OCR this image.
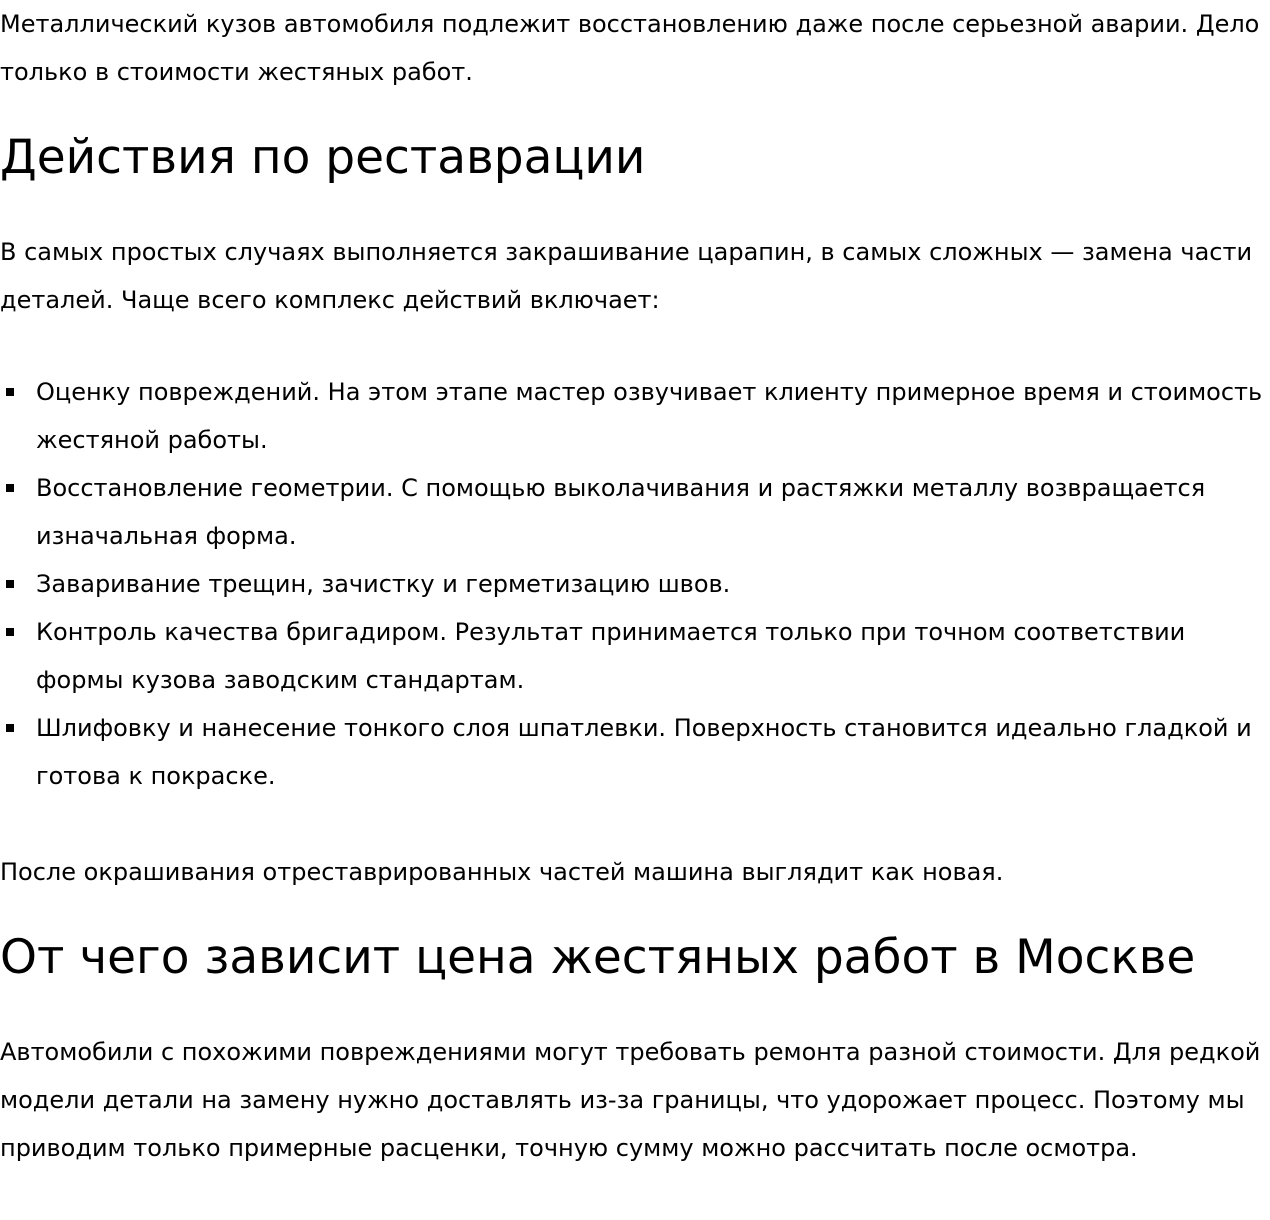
Металлический кузов автомобиля подлежит восстановлению даже после серьезной аварии. Дело только в стоимости жестяных работ.

Действия по реставрации

В самых простых случаях выполняется закрашивание царапин, в самых сложных — замена части деталей. Чаще всего комплекс действий включает:

Оценку повреждений. На этом этапе мастер озвучивает клиенту примерное время и стоимость жестяной работы.
Восстановление геометрии. С помощью выколачивания и растяжки металлу возвращается изначальная форма.
Заваривание трещин, зачистку и герметизацию швов.
Контроль качества бригадиром. Результат принимается только при точном соответствии формы кузова заводским стандартам.
Шлифовку и нанесение тонкого слоя шпатлевки. Поверхность становится идеально гладкой и готова к покраске.

После окрашивания отреставрированных частей машина выглядит как новая.

От чего зависит цена жестяных работ в Москве

Автомобили с похожими повреждениями могут требовать ремонта разной стоимости. Для редкой модели детали на замену нужно доставлять из-за границы, что удорожает процесс. Поэтому мы приводим только примерные расценки, точную сумму можно рассчитать после осмотра.
